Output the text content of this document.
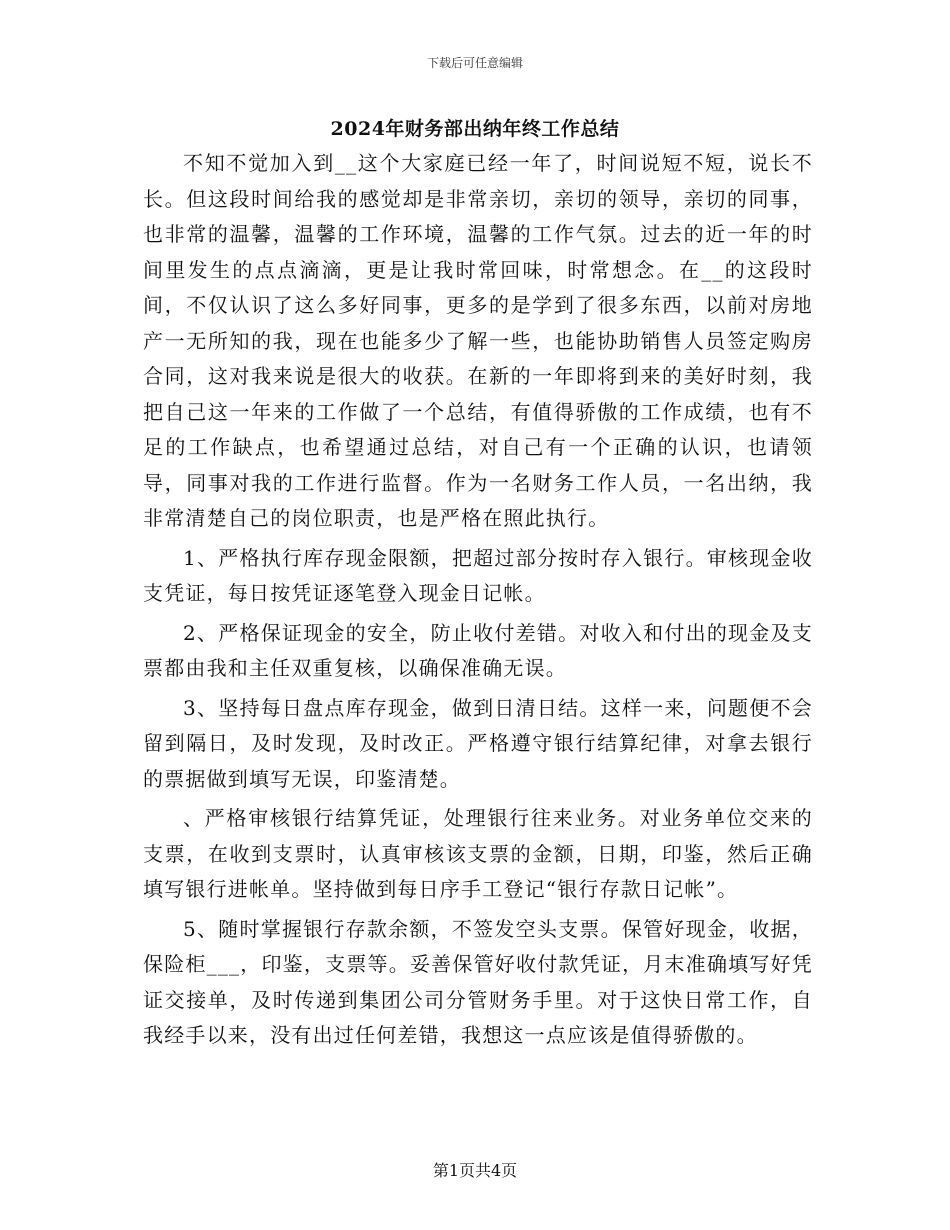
下载后可任意编辑
2024年财务部出纳年终工作总结

不知不觉加入到__这个大家庭已经一年了，时间说短不短，说长不长。但这段时间给我的感觉却是非常亲切，亲切的领导，亲切的同事，也非常的温馨，温馨的工作环境，温馨的工作气氛。过去的近一年的时间里发生的点点滴滴，更是让我时常回味，时常想念。在__的这段时间，不仅认识了这么多好同事，更多的是学到了很多东西，以前对房地产一无所知的我，现在也能多少了解一些，也能协助销售人员签定购房合同，这对我来说是很大的收获。在新的一年即将到来的美好时刻，我把自己这一年来的工作做了一个总结，有值得骄傲的工作成绩，也有不足的工作缺点，也希望通过总结，对自己有一个正确的认识，也请领导，同事对我的工作进行监督。作为一名财务工作人员，一名出纳，我非常清楚自己的岗位职责，也是严格在照此执行。

1、严格执行库存现金限额，把超过部分按时存入银行。审核现金收支凭证，每日按凭证逐笔登入现金日记帐。

2、严格保证现金的安全，防止收付差错。对收入和付出的现金及支票都由我和主任双重复核，以确保准确无误。

3、坚持每日盘点库存现金，做到日清日结。这样一来，问题便不会留到隔日，及时发现，及时改正。严格遵守银行结算纪律，对拿去银行的票据做到填写无误，印鉴清楚。

、严格审核银行结算凭证，处理银行往来业务。对业务单位交来的支票，在收到支票时，认真审核该支票的金额，日期，印鉴，然后正确填写银行进帐单。坚持做到每日序手工登记“银行存款日记帐”。

5、随时掌握银行存款余额，不签发空头支票。保管好现金，收据，保险柜___，印鉴，支票等。妥善保管好收付款凭证，月末准确填写好凭证交接单，及时传递到集团公司分管财务手里。对于这快日常工作，自我经手以来，没有出过任何差错，我想这一点应该是值得骄傲的。

第1页共4页
